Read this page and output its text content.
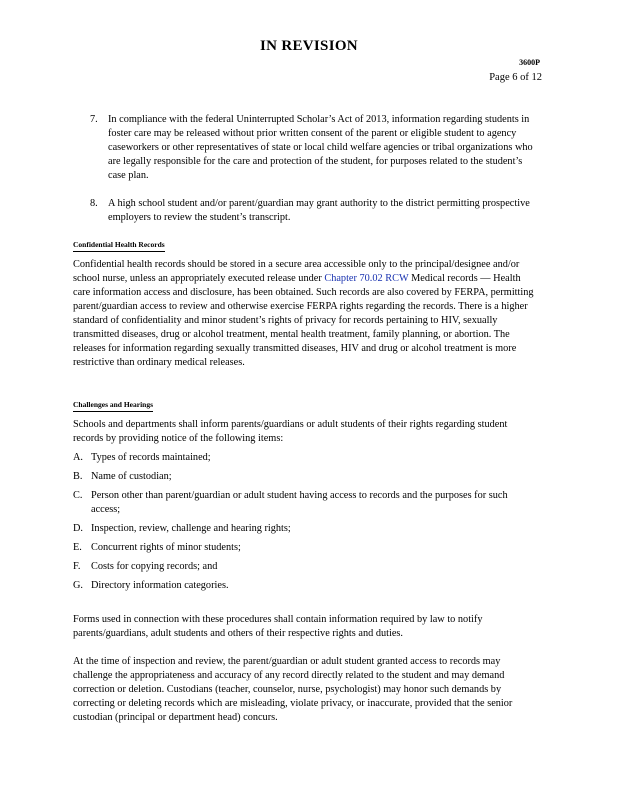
IN REVISION
3600P
Page 6 of 12
7. In compliance with the federal Uninterrupted Scholar’s Act of 2013, information regarding students in foster care may be released without prior written consent of the parent or eligible student to agency caseworkers or other representatives of state or local child welfare agencies or tribal organizations who are legally responsible for the care and protection of the student, for purposes related to the student’s case plan.
8. A high school student and/or parent/guardian may grant authority to the district permitting prospective employers to review the student’s transcript.
Confidential Health Records
Confidential health records should be stored in a secure area accessible only to the principal/designee and/or school nurse, unless an appropriately executed release under Chapter 70.02 RCW Medical records — Health care information access and disclosure, has been obtained. Such records are also covered by FERPA, permitting parent/guardian access to review and otherwise exercise FERPA rights regarding the records. There is a higher standard of confidentiality and minor student’s rights of privacy for records pertaining to HIV, sexually transmitted diseases, drug or alcohol treatment, mental health treatment, family planning, or abortion. The releases for information regarding sexually transmitted diseases, HIV and drug or alcohol treatment is more restrictive than ordinary medical releases.
Challenges and Hearings
Schools and departments shall inform parents/guardians or adult students of their rights regarding student records by providing notice of the following items:
A. Types of records maintained;
B. Name of custodian;
C. Person other than parent/guardian or adult student having access to records and the purposes for such access;
D. Inspection, review, challenge and hearing rights;
E. Concurrent rights of minor students;
F.	Costs for copying records; and
G. Directory information categories.
Forms used in connection with these procedures shall contain information required by law to notify parents/guardians, adult students and others of their respective rights and duties.
At the time of inspection and review, the parent/guardian or adult student granted access to records may challenge the appropriateness and accuracy of any record directly related to the student and may demand correction or deletion. Custodians (teacher, counselor, nurse, psychologist) may honor such demands by correcting or deleting records which are misleading, violate privacy, or inaccurate, provided that the senior custodian (principal or department head) concurs.
